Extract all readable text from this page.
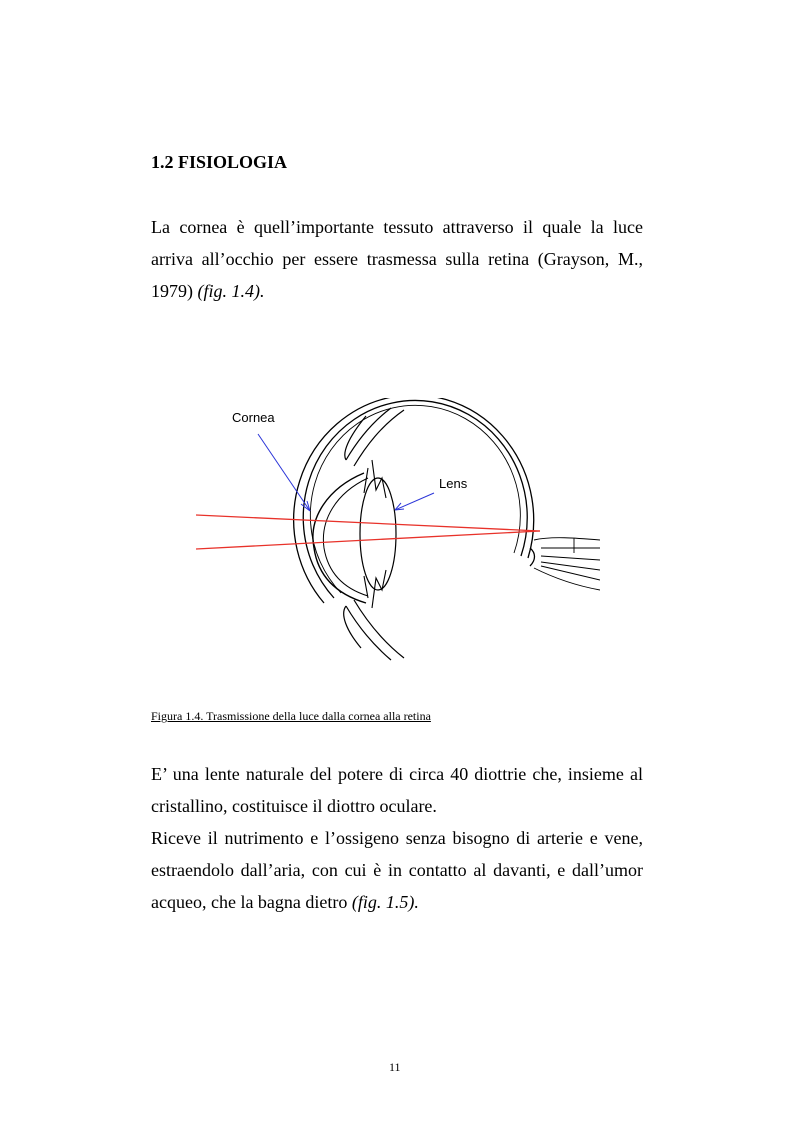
1.2 FISIOLOGIA

La cornea è quell’importante tessuto attraverso il quale la luce arriva all’occhio per essere trasmessa sulla retina (Grayson, M., 1979) (fig. 1.4).

Cornea
Lens

Figura 1.4. Trasmissione della luce dalla cornea alla retina

E’ una lente naturale del potere di circa 40 diottrie che, insieme al cristallino, costituisce il diottro oculare.

Riceve il nutrimento e l’ossigeno senza bisogno di arterie e vene, estraendolo dall’aria, con cui è in contatto al davanti, e dall’umor acqueo, che la bagna dietro (fig. 1.5).

11
